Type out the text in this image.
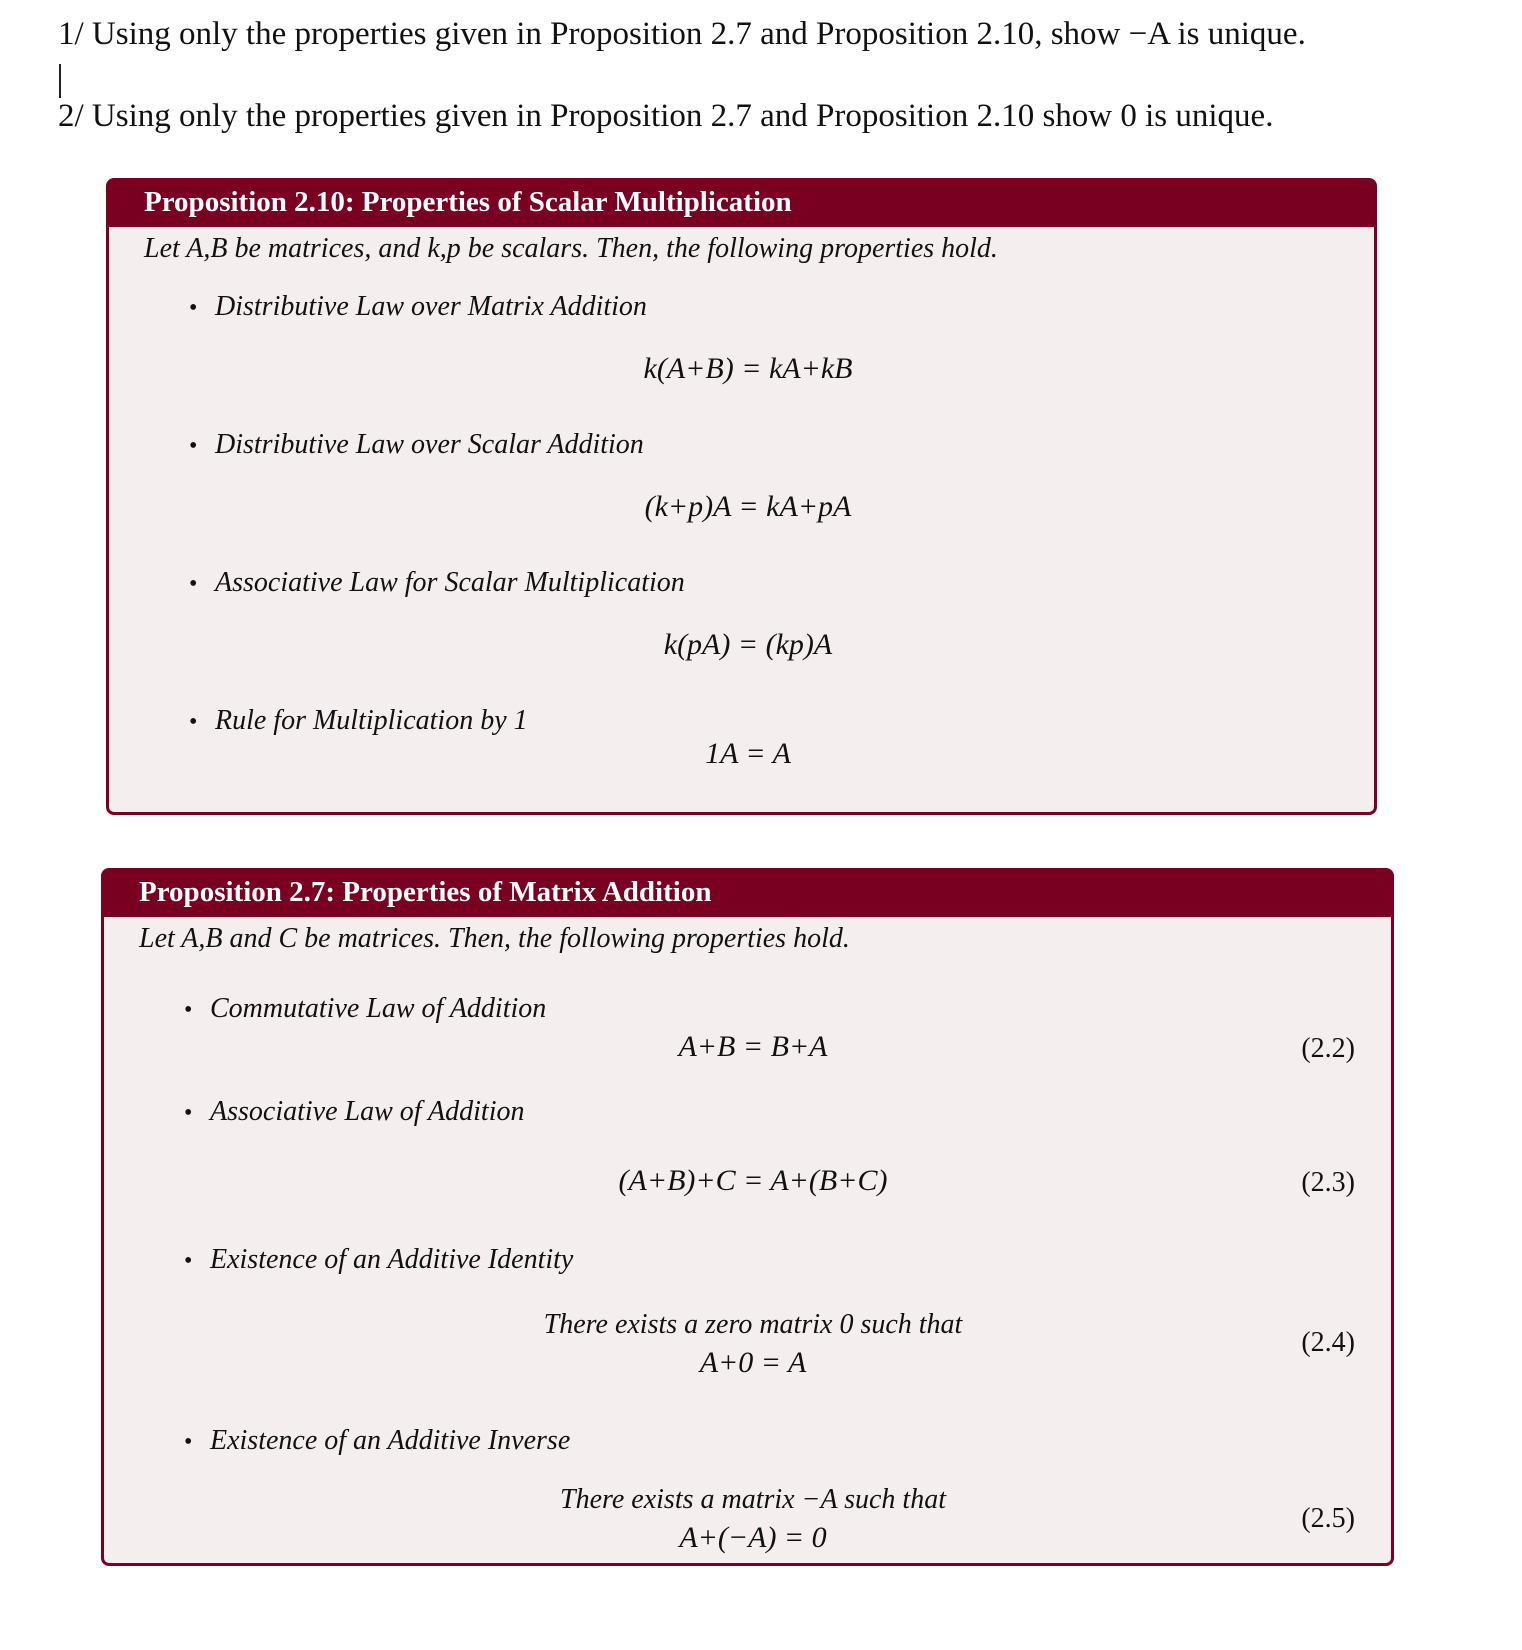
1/ Using only the properties given in Proposition 2.7 and Proposition 2.10, show −A is unique.
2/ Using only the properties given in Proposition 2.7 and Proposition 2.10 show 0 is unique.
Proposition 2.10: Properties of Scalar Multiplication
Let A,B be matrices, and k,p be scalars. Then, the following properties hold.
• Distributive Law over Matrix Addition
k(A+B) = kA+kB
• Distributive Law over Scalar Addition
(k+p)A = kA+pA
• Associative Law for Scalar Multiplication
k(pA) = (kp)A
• Rule for Multiplication by 1
1A = A
Proposition 2.7: Properties of Matrix Addition
Let A,B and C be matrices. Then, the following properties hold.
• Commutative Law of Addition
A+B = B+A	(2.2)
• Associative Law of Addition
(A+B)+C = A+(B+C)	(2.3)
• Existence of an Additive Identity
There exists a zero matrix 0 such that
A+0 = A
(2.4)
• Existence of an Additive Inverse
There exists a matrix −A such that
A+(−A) = 0
(2.5)
